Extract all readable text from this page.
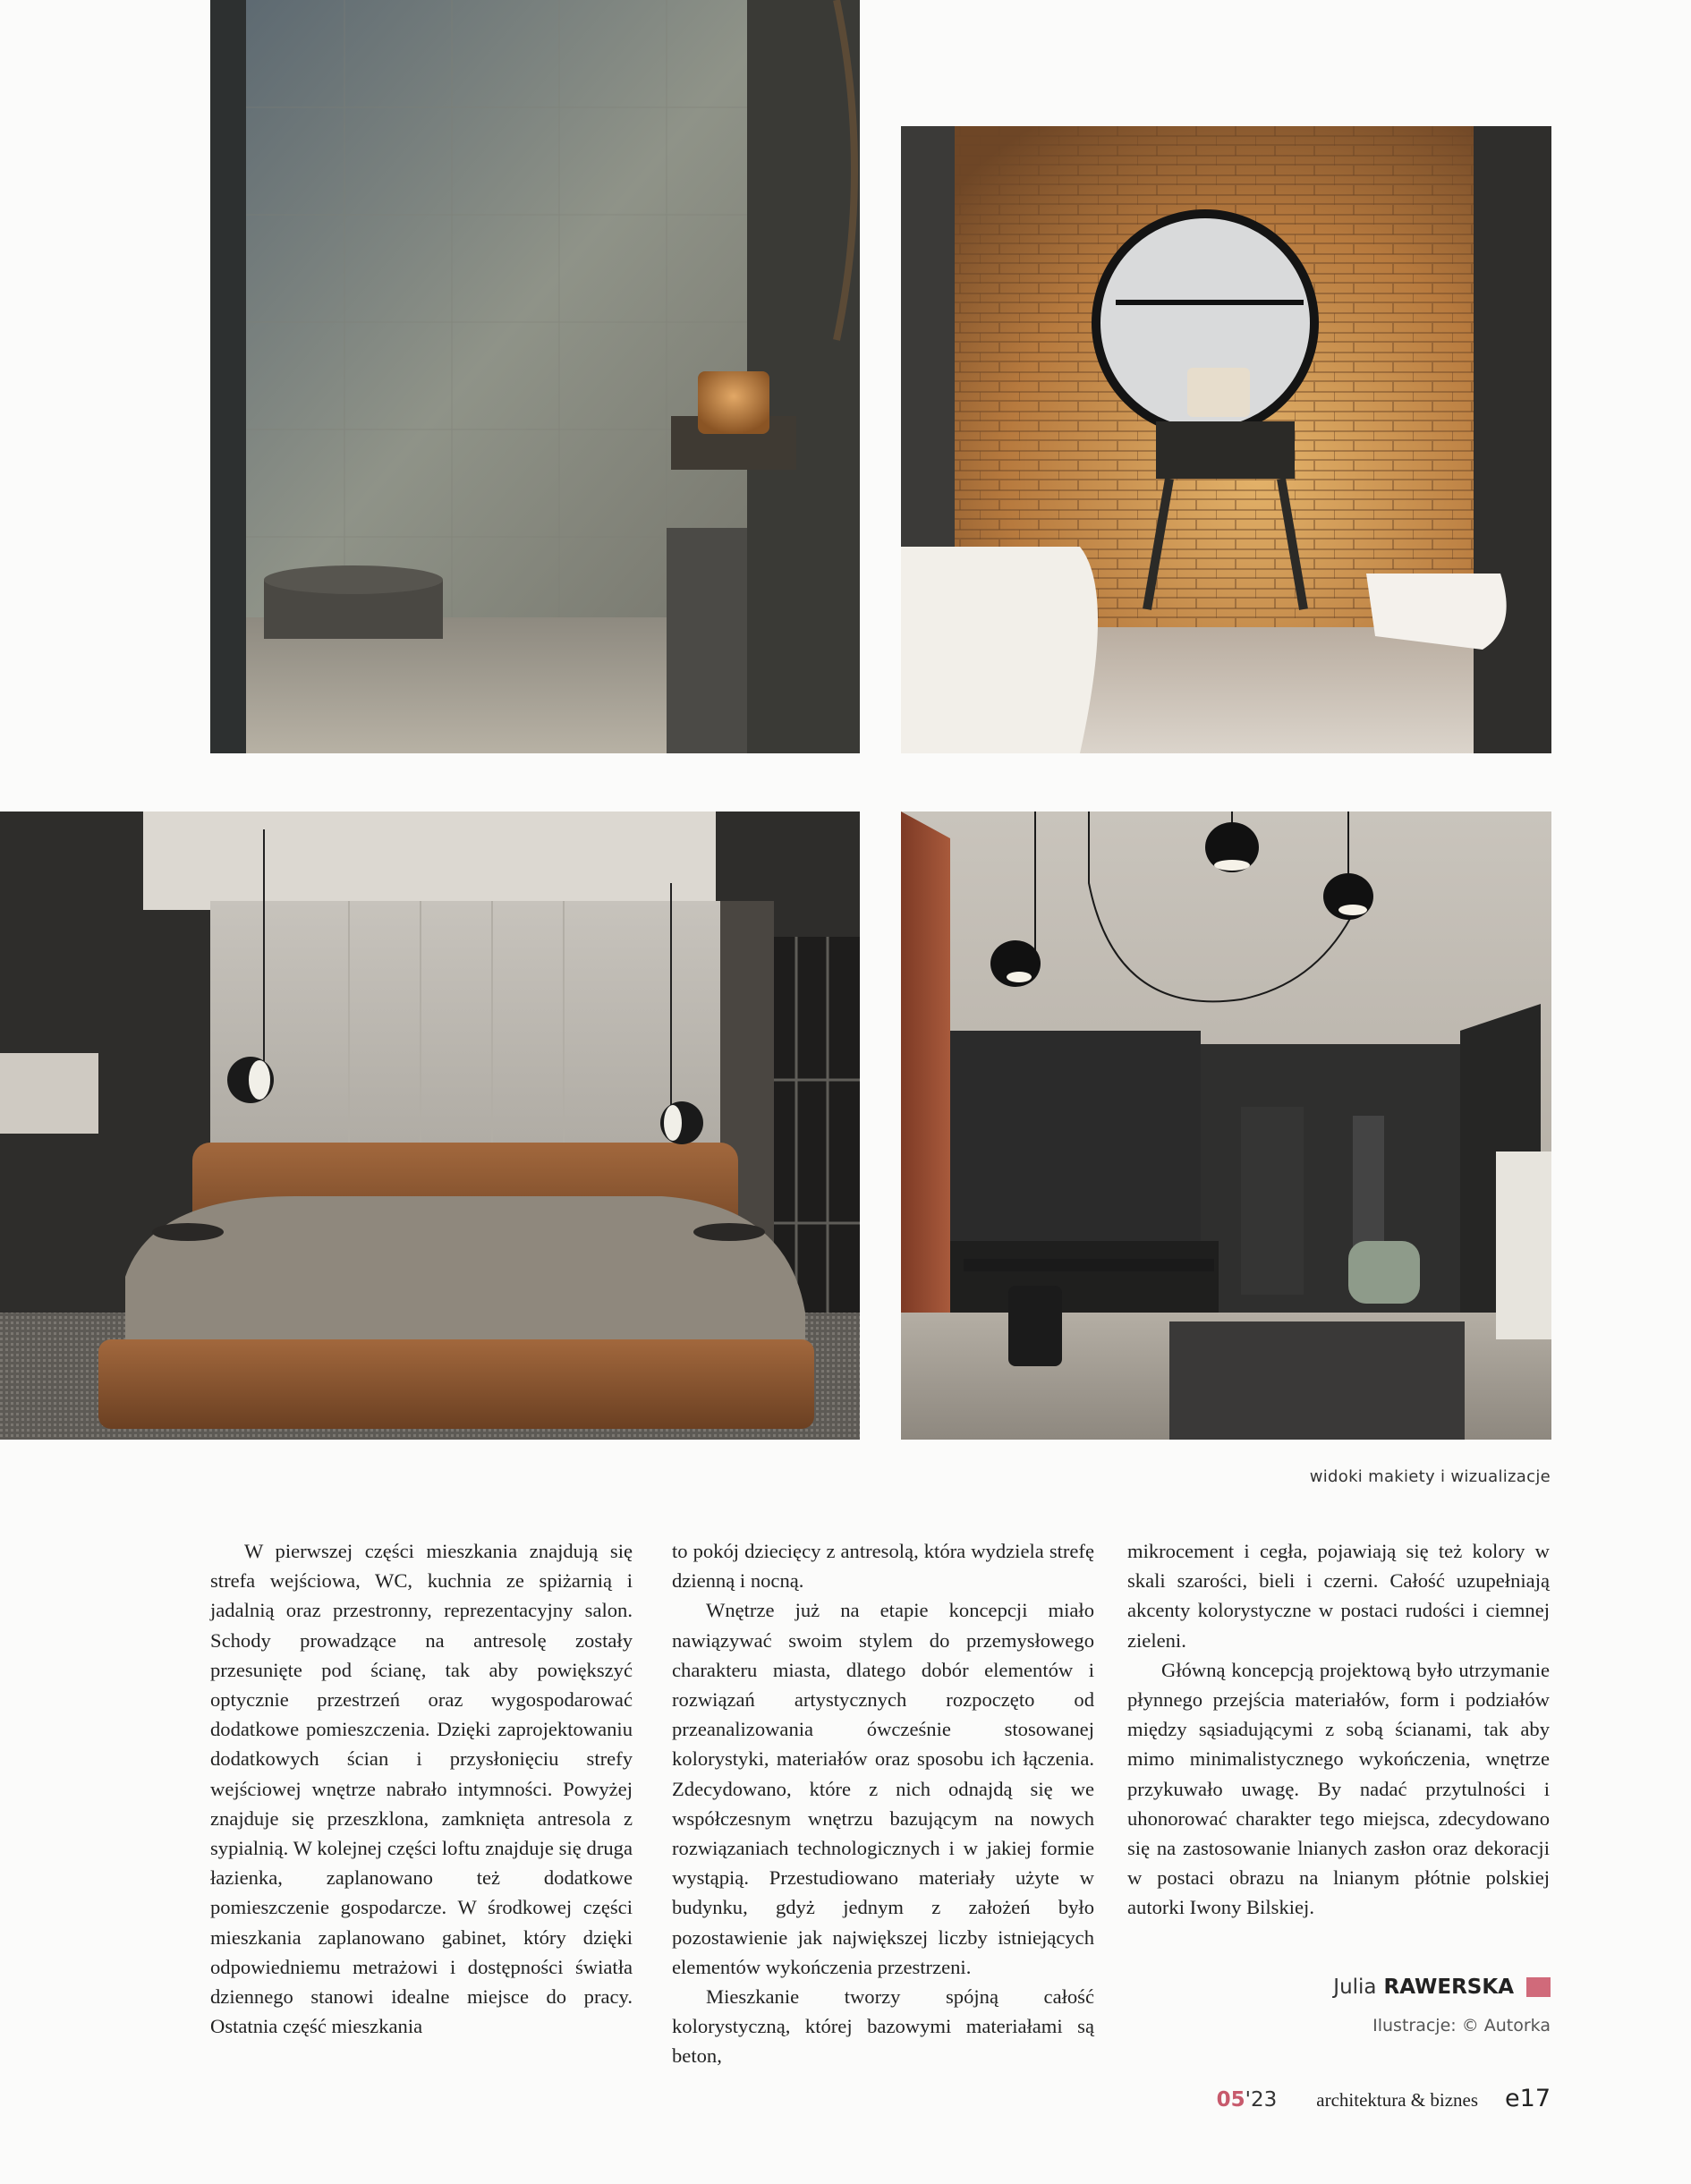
widoki makiety i wizualizacje

W pierwszej części mieszkania znajdują się strefa wejściowa, WC, kuchnia ze spiżarnią i jadalnią oraz przestronny, reprezentacyjny salon. Schody prowadzące na antresolę zostały przesunięte pod ścianę, tak aby powiększyć optycznie przestrzeń oraz wygospodarować dodatkowe pomieszczenia. Dzięki zaprojektowaniu dodatkowych ścian i przysłonięciu strefy wejściowej wnętrze nabrało intymności. Powyżej znajduje się przeszklona, zamknięta antresola z sypialnią. W kolejnej części loftu znajduje się druga łazienka, zaplanowano też dodatkowe pomieszczenie gospodarcze. W środkowej części mieszkania zaplanowano gabinet, który dzięki odpowiedniemu metrażowi i dostępności światła dziennego stanowi idealne miejsce do pracy. Ostatnia część mieszkania

to pokój dziecięcy z antresolą, która wydziela strefę dzienną i nocną.

Wnętrze już na etapie koncepcji miało nawiązywać swoim stylem do przemysłowego charakteru miasta, dlatego dobór elementów i rozwiązań artystycznych rozpoczęto od przeanalizowania ówcześnie stosowanej kolorystyki, materiałów oraz sposobu ich łączenia. Zdecydowano, które z nich odnajdą się we współczesnym wnętrzu bazującym na nowych rozwiązaniach technologicznych i w jakiej formie wystąpią. Przestudiowano materiały użyte w budynku, gdyż jednym z założeń było pozostawienie jak największej liczby istniejących elementów wykończenia przestrzeni.

Mieszkanie tworzy spójną całość kolorystyczną, której bazowymi materiałami są beton,

mikrocement i cegła, pojawiają się też kolory w skali szarości, bieli i czerni. Całość uzupełniają akcenty kolorystyczne w postaci rudości i ciemnej zieleni.

Główną koncepcją projektową było utrzymanie płynnego przejścia materiałów, form i podziałów między sąsiadującymi z sobą ścianami, tak aby mimo minimalistycznego wykończenia, wnętrze przykuwało uwagę. By nadać przytulności i uhonorować charakter tego miejsca, zdecydowano się na zastosowanie lnianych zasłon oraz dekoracji w postaci obrazu na lnianym płótnie polskiej autorki Iwony Bilskiej.

Julia RAWERSKA
Ilustracje: © Autorka
05'23 architektura & biznes e17
